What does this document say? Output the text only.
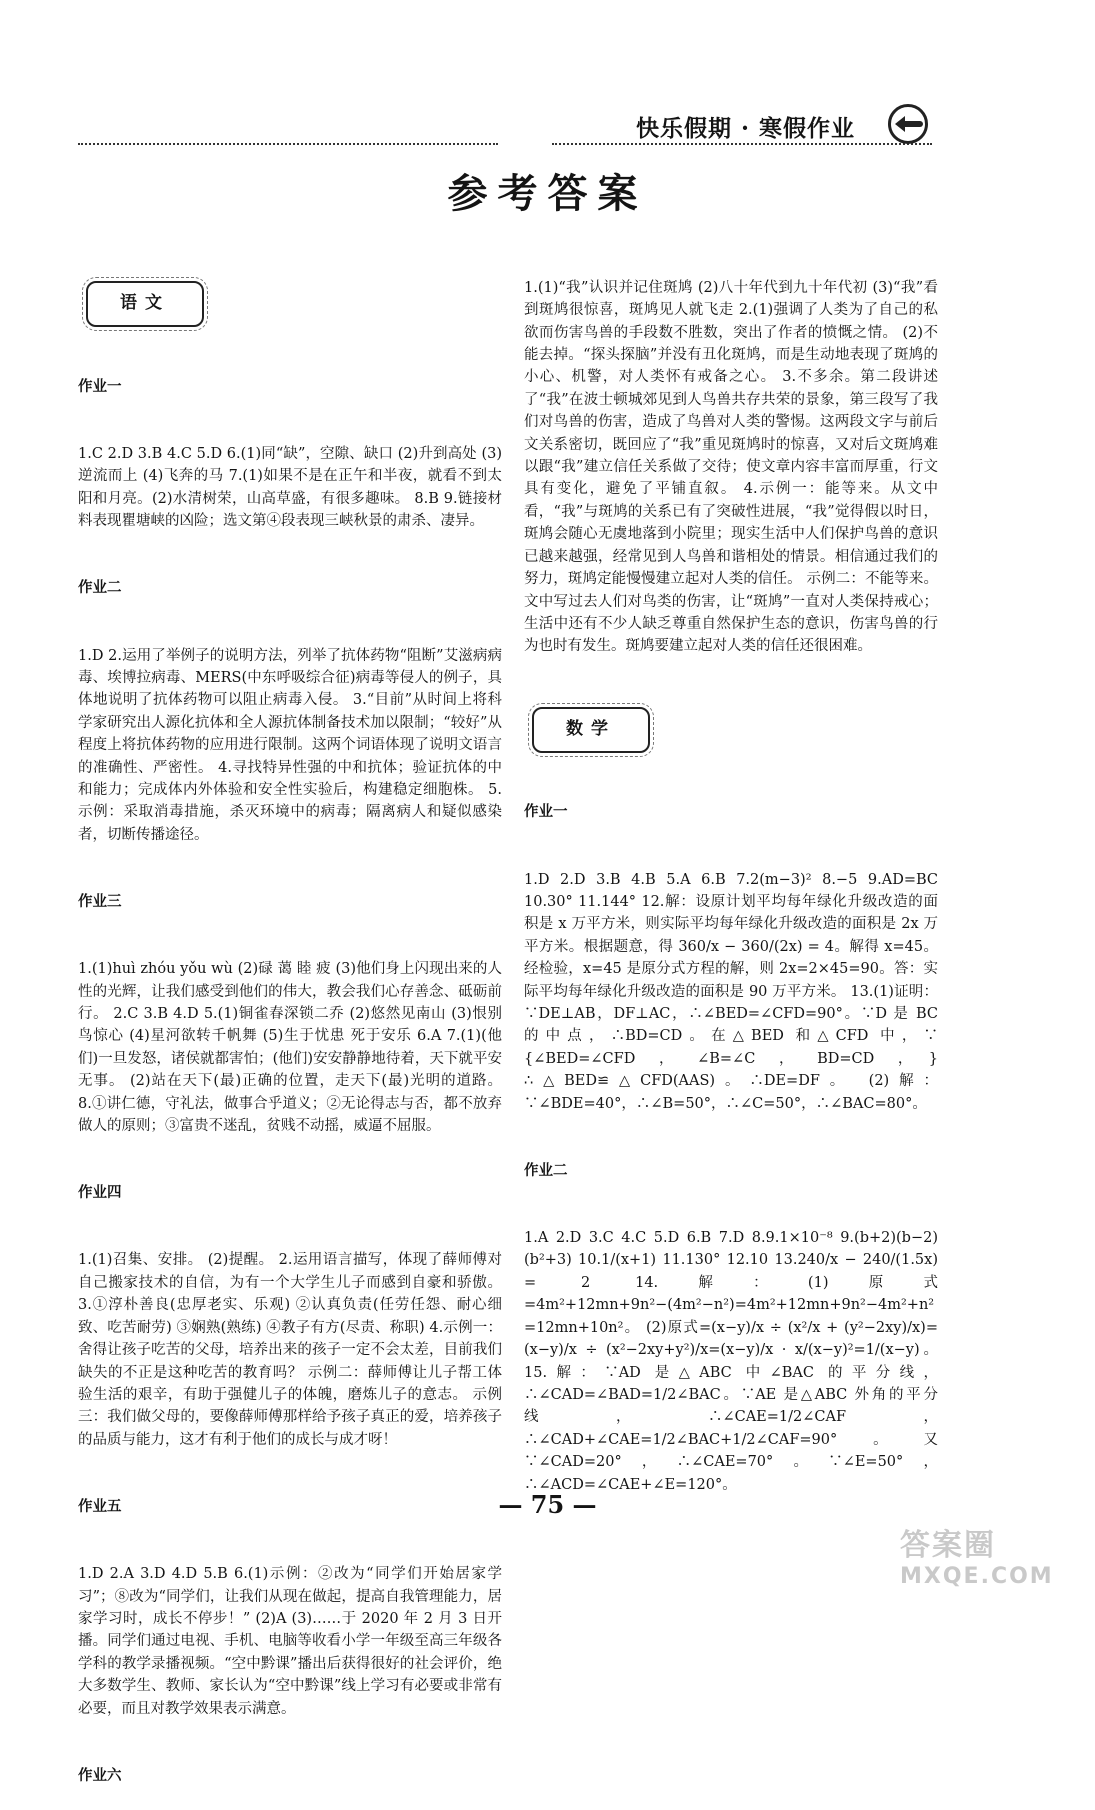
快乐假期 · 寒假作业
参考答案

语文

作业一

1.C 2.D 3.B 4.C 5.D 6.(1)同“缺”，空隙、缺口 (2)升到高处 (3)逆流而上 (4)飞奔的马 7.(1)如果不是在正午和半夜，就看不到太阳和月亮。(2)水清树荣，山高草盛，有很多趣味。 8.B 9.链接材料表现瞿塘峡的凶险；选文第④段表现三峡秋景的肃杀、凄异。

作业二

1.D 2.运用了举例子的说明方法，列举了抗体药物“阻断”艾滋病病毒、埃博拉病毒、MERS(中东呼吸综合征)病毒等侵人的例子，具体地说明了抗体药物可以阻止病毒入侵。 3.“目前”从时间上将科学家研究出人源化抗体和全人源抗体制备技术加以限制；“较好”从程度上将抗体药物的应用进行限制。这两个词语体现了说明文语言的准确性、严密性。 4.寻找特异性强的中和抗体；验证抗体的中和能力；完成体内外体验和安全性实验后，构建稳定细胞株。 5.示例：采取消毒措施，杀灭环境中的病毒；隔离病人和疑似感染者，切断传播途径。

作业三

1.(1)huì zhóu yǒu wù (2)碌 蔼 睦 疲 (3)他们身上闪现出来的人性的光辉，让我们感受到他们的伟大，教会我们心存善念、砥砺前行。 2.C 3.B 4.D 5.(1)铜雀春深锁二乔 (2)悠然见南山 (3)恨别鸟惊心 (4)星河欲转千帆舞 (5)生于忧患 死于安乐 6.A 7.(1)(他们)一旦发怒，诸侯就都害怕；(他们)安安静静地待着，天下就平安无事。 (2)站在天下(最)正确的位置，走天下(最)光明的道路。 8.①讲仁德，守礼法，做事合乎道义；②无论得志与否，都不放弃做人的原则；③富贵不迷乱，贫贱不动摇，威逼不屈服。

作业四

1.(1)召集、安排。 (2)提醒。 2.运用语言描写，体现了薛师傅对自己搬家技术的自信，为有一个大学生儿子而感到自豪和骄傲。 3.①淳朴善良(忠厚老实、乐观) ②认真负责(任劳任怨、耐心细致、吃苦耐劳) ③娴熟(熟练) ④教子有方(尽责、称职) 4.示例一：舍得让孩子吃苦的父母，培养出来的孩子一定不会太差，目前我们缺失的不正是这种吃苦的教育吗？ 示例二：薛师傅让儿子帮工体验生活的艰辛，有助于强健儿子的体魄，磨炼儿子的意志。 示例三：我们做父母的，要像薛师傅那样给予孩子真正的爱，培养孩子的品质与能力，这才有利于他们的成长与成才呀！

作业五

1.D 2.A 3.D 4.D 5.B 6.(1)示例：②改为“同学们开始居家学习”；⑧改为“同学们，让我们从现在做起，提高自我管理能力，居家学习时，成长不停步！” (2)A (3)……于 2020 年 2 月 3 日开播。同学们通过电视、手机、电脑等收看小学一年级至高三年级各学科的教学录播视频。“空中黔课”播出后获得很好的社会评价，绝大多数学生、教师、家长认为“空中黔课”线上学习有必要或非常有必要，而且对教学效果表示满意。

作业六

1.(1)“我”认识并记住斑鸠 (2)八十年代到九十年代初 (3)“我”看到斑鸠很惊喜，斑鸠见人就飞走 2.(1)强调了人类为了自己的私欲而伤害鸟兽的手段数不胜数，突出了作者的愤慨之情。 (2)不能去掉。“探头探脑”并没有丑化斑鸠，而是生动地表现了斑鸠的小心、机警，对人类怀有戒备之心。 3.不多余。第二段讲述了“我”在波士顿城郊见到人鸟兽共存共荣的景象，第三段写了我们对鸟兽的伤害，造成了鸟兽对人类的警惕。这两段文字与前后文关系密切，既回应了“我”重见斑鸠时的惊喜，又对后文斑鸠难以跟“我”建立信任关系做了交待；使文章内容丰富而厚重，行文具有变化，避免了平铺直叙。 4.示例一：能等来。从文中看，“我”与斑鸠的关系已有了突破性进展，“我”觉得假以时日，斑鸠会随心无虞地落到小院里；现实生活中人们保护鸟兽的意识已越来越强，经常见到人鸟兽和谐相处的情景。相信通过我们的努力，斑鸠定能慢慢建立起对人类的信任。 示例二：不能等来。文中写过去人们对鸟类的伤害，让“斑鸠”一直对人类保持戒心；生活中还有不少人缺乏尊重自然保护生态的意识，伤害鸟兽的行为也时有发生。斑鸠要建立起对人类的信任还很困难。

数学

作业一

1.D 2.D 3.B 4.B 5.A 6.B 7.2(m−3)² 8.−5 9.AD=BC 10.30° 11.144° 12.解：设原计划平均每年绿化升级改造的面积是 x 万平方米，则实际平均每年绿化升级改造的面积是 2x 万平方米。根据题意，得 360/x − 360/(2x) = 4。解得 x=45。经检验，x=45 是原分式方程的解，则 2x=2×45=90。答：实际平均每年绿化升级改造的面积是 90 万平方米。 13.(1)证明：∵DE⊥AB，DF⊥AC，∴∠BED=∠CFD=90°。∵D 是 BC 的中点，∴BD=CD。在△BED 和△CFD 中，∵ {∠BED=∠CFD，∠B=∠C，BD=CD，} ∴△BED≌△CFD(AAS)。∴DE=DF。 (2)解：∵∠BDE=40°，∴∠B=50°，∴∠C=50°，∴∠BAC=80°。

作业二

1.A 2.D 3.C 4.C 5.D 6.B 7.D 8.9.1×10⁻⁸ 9.(b+2)(b−2)(b²+3) 10.1/(x+1) 11.130° 12.10 13.240/x − 240/(1.5x) = 2 14.解：(1)原式=4m²+12mn+9n²−(4m²−n²)=4m²+12mn+9n²−4m²+n²=12mn+10n²。 (2)原式=(x−y)/x ÷ (x²/x + (y²−2xy)/x)=(x−y)/x ÷ (x²−2xy+y²)/x=(x−y)/x · x/(x−y)²=1/(x−y)。 15.解：∵AD 是△ABC 中∠BAC 的平分线，∴∠CAD=∠BAD=1/2∠BAC。∵AE 是△ABC 外角的平分线，∴∠CAE=1/2∠CAF，∴∠CAD+∠CAE=1/2∠BAC+1/2∠CAF=90°。又∵∠CAD=20°，∴∠CAE=70°。∵∠E=50°，∴∠ACD=∠CAE+∠E=120°。

— 75 —
答案圈
MXQE.COM
